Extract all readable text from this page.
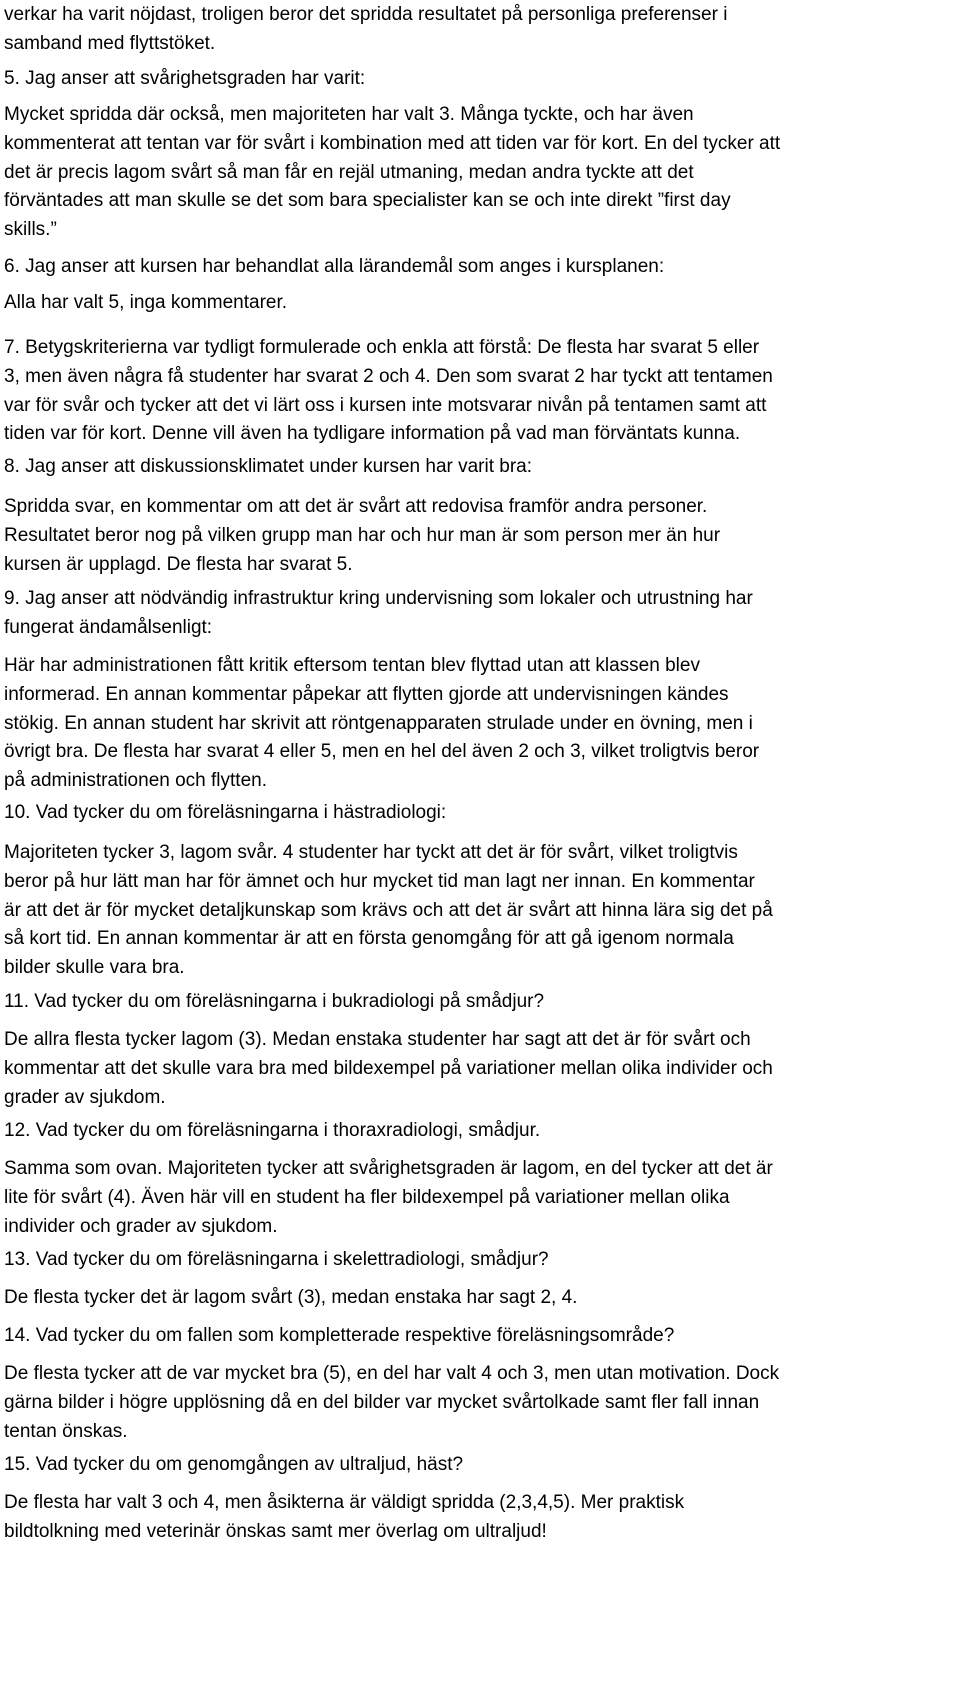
verkar ha varit nöjdast, troligen beror det spridda resultatet på personliga preferenser i
samband med flyttstöket.

5. Jag anser att svårighetsgraden har varit:

Mycket spridda där också, men majoriteten har valt 3. Många tyckte, och har även
kommenterat att tentan var för svårt i kombination med att tiden var för kort. En del tycker att
det är precis lagom svårt så man får en rejäl utmaning, medan andra tyckte att det
förväntades att man skulle se det som bara specialister kan se och inte direkt ”first day
skills.”

6. Jag anser att kursen har behandlat alla lärandemål som anges i kursplanen:

Alla har valt 5, inga kommentarer.

7. Betygskriterierna var tydligt formulerade och enkla att förstå: De flesta har svarat 5 eller
3, men även några få studenter har svarat 2 och 4. Den som svarat 2 har tyckt att tentamen
var för svår och tycker att det vi lärt oss i kursen inte motsvarar nivån på tentamen samt att
tiden var för kort. Denne vill även ha tydligare information på vad man förväntats kunna.

8. Jag anser att diskussionsklimatet under kursen har varit bra:

Spridda svar, en kommentar om att det är svårt att redovisa framför andra personer.
Resultatet beror nog på vilken grupp man har och hur man är som person mer än hur
kursen är upplagd. De flesta har svarat 5.

9. Jag anser att nödvändig infrastruktur kring undervisning som lokaler och utrustning har
fungerat ändamålsenligt:

Här har administrationen fått kritik eftersom tentan blev flyttad utan att klassen blev
informerad. En annan kommentar påpekar att flytten gjorde att undervisningen kändes
stökig. En annan student har skrivit att röntgenapparaten strulade under en övning, men i
övrigt bra. De flesta har svarat 4 eller 5, men en hel del även 2 och 3, vilket troligtvis beror
på administrationen och flytten.

10. Vad tycker du om föreläsningarna i hästradiologi:

Majoriteten tycker 3, lagom svår. 4 studenter har tyckt att det är för svårt, vilket troligtvis
beror på hur lätt man har för ämnet och hur mycket tid man lagt ner innan. En kommentar
är att det är för mycket detaljkunskap som krävs och att det är svårt att hinna lära sig det på
så kort tid. En annan kommentar är att en första genomgång för att gå igenom normala
bilder skulle vara bra.

11. Vad tycker du om föreläsningarna i bukradiologi på smådjur?

De allra flesta tycker lagom (3). Medan enstaka studenter har sagt att det är för svårt och
kommentar att det skulle vara bra med bildexempel på variationer mellan olika individer och
grader av sjukdom.

12. Vad tycker du om föreläsningarna i thoraxradiologi, smådjur.

Samma som ovan. Majoriteten tycker att svårighetsgraden är lagom, en del tycker att det är
lite för svårt (4). Även här vill en student ha fler bildexempel på variationer mellan olika
individer och grader av sjukdom.

13. Vad tycker du om föreläsningarna i skelettradiologi, smådjur?

De flesta tycker det är lagom svårt (3), medan enstaka har sagt 2, 4.

14. Vad tycker du om fallen som kompletterade respektive föreläsningsområde?

De flesta tycker att de var mycket bra (5), en del har valt 4 och 3, men utan motivation. Dock
gärna bilder i högre upplösning då en del bilder var mycket svårtolkade samt fler fall innan
tentan önskas.

15. Vad tycker du om genomgången av ultraljud, häst?

De flesta har valt 3 och 4, men åsikterna är väldigt spridda (2,3,4,5). Mer praktisk
bildtolkning med veterinär önskas samt mer överlag om ultraljud!
